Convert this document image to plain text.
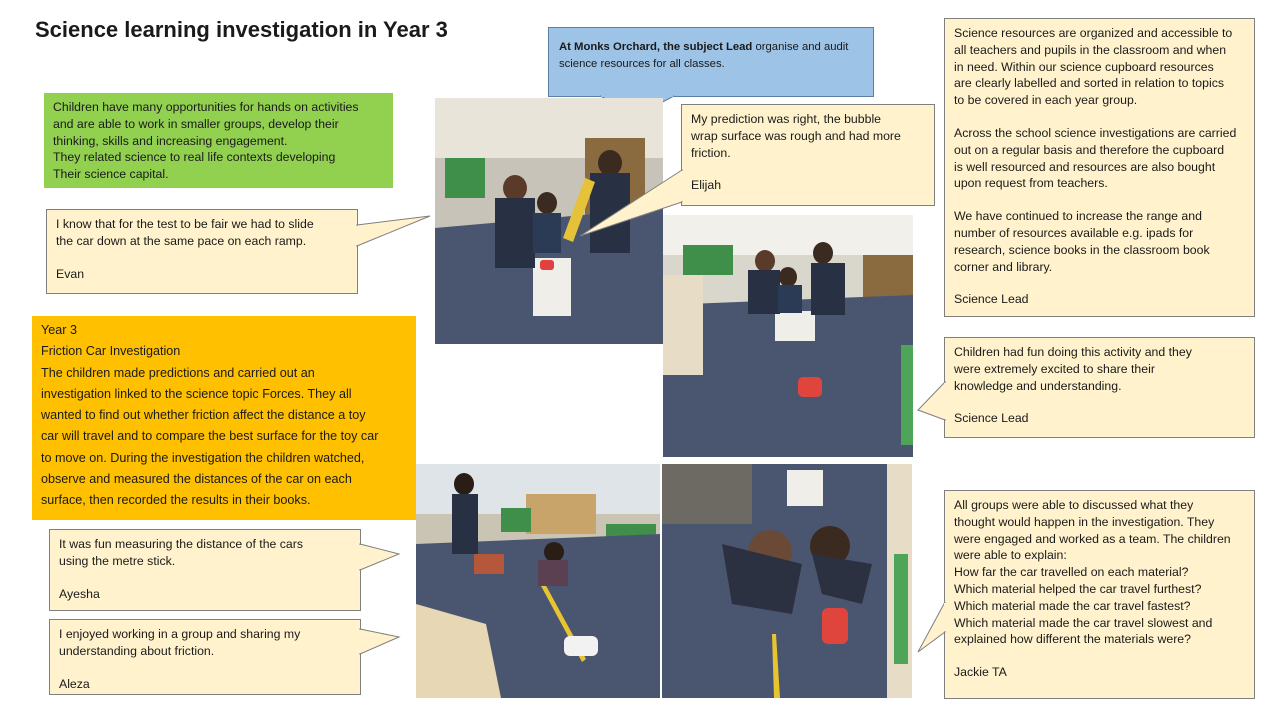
Science learning investigation in Year 3

Children have many opportunities for hands on activities
and are able to work in smaller groups, develop their
thinking, skills and increasing engagement.
They related science to real life contexts developing
Their science capital.

I know that for the test to be fair we had to slide
the car down at the same pace on each ramp.

Evan

Year 3

Friction Car Investigation

The children made predictions and carried out an
investigation linked to the science topic Forces. They all
wanted to find out whether friction affect the distance a toy
car will travel and to compare the best surface for the toy car
to move on. During the investigation the children watched,
observe and measured the distances of the car on each
surface, then recorded the results in their books.

It was fun measuring the distance of the cars
using the metre stick.

Ayesha

I enjoyed working in a group and sharing my
understanding about friction.

Aleza

At Monks Orchard, the subject Lead organise and audit
science resources for all classes.

My prediction was right, the bubble
wrap surface was rough and had more
friction.

Elijah

Science resources are organized and accessible to
all teachers and pupils in the classroom and when
in need. Within our science cupboard resources
are clearly labelled and sorted in relation to topics
to be covered in each year group.

Across the school science investigations are carried
out on a regular basis and therefore the cupboard
is well resourced and resources are also bought
upon request from teachers.

We have continued to increase the range and
number of resources available e.g. ipads for
research, science books in the classroom book
corner and library.

Science Lead

Children had fun doing this activity and they
were extremely excited to share their
knowledge and understanding.

Science Lead

All groups were able to discussed what they
thought would happen in the investigation. They
were engaged and worked as a team. The children
were able to explain:
How far the car travelled on each material?
Which material helped the car travel furthest?
Which material made the car travel fastest?
Which material made the car travel slowest and
explained how different the materials were?

Jackie TA
